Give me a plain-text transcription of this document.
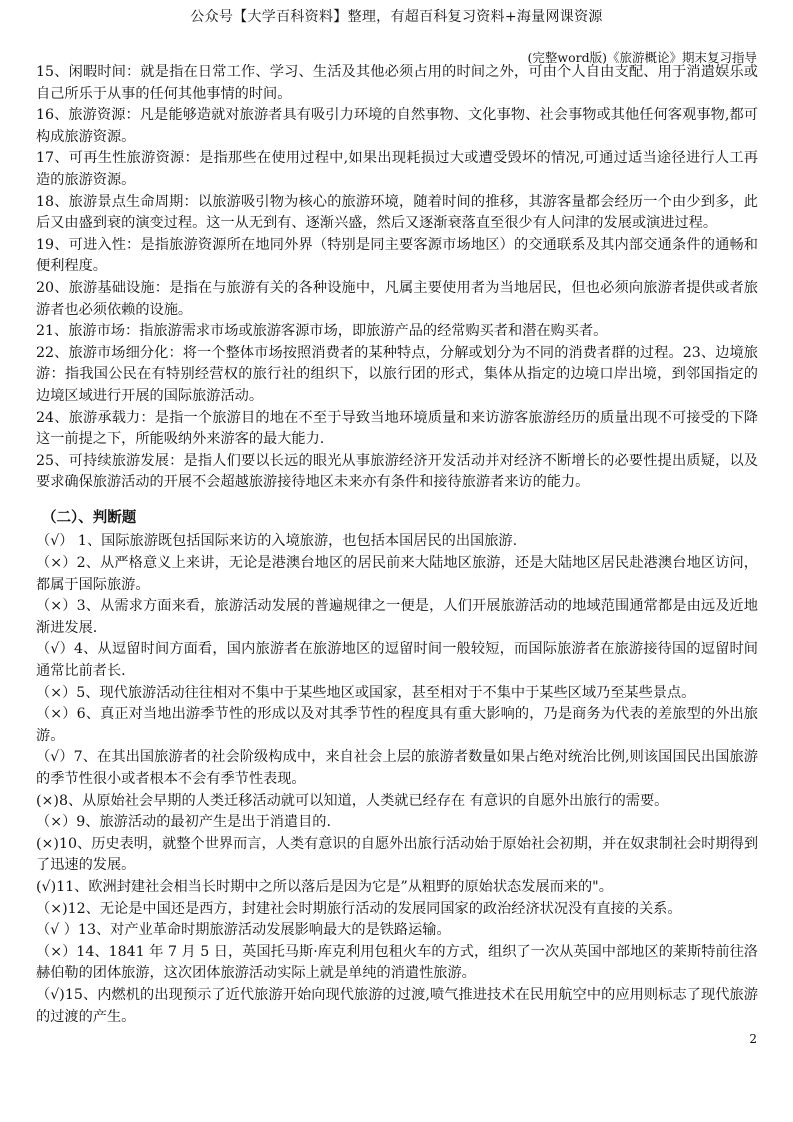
公众号【大学百科资料】整理，有超百科复习资料+海量网课资源
(完整word版)《旅游概论》期末复习指导

15、闲暇时间：就是指在日常工作、学习、生活及其他必须占用的时间之外，可由个人自由支配、用于消遣娱乐或自己所乐于从事的任何其他事情的时间。

16、旅游资源：凡是能够造就对旅游者具有吸引力环境的自然事物、文化事物、社会事物或其他任何客观事物,都可构成旅游资源。

17、可再生性旅游资源：是指那些在使用过程中,如果出现耗损过大或遭受毁坏的情况,可通过适当途径进行人工再造的旅游资源。

18、旅游景点生命周期：以旅游吸引物为核心的旅游环境，随着时间的推移，其游客量都会经历一个由少到多，此后又由盛到衰的演变过程。这一从无到有、逐渐兴盛，然后又逐渐衰落直至很少有人问津的发展或演进过程。

19、可进入性：是指旅游资源所在地同外界（特别是同主要客源市场地区）的交通联系及其内部交通条件的通畅和便利程度。

20、旅游基础设施：是指在与旅游有关的各种设施中，凡属主要使用者为当地居民，但也必须向旅游者提供或者旅游者也必须依赖的设施。

21、旅游市场：指旅游需求市场或旅游客源市场，即旅游产品的经常购买者和潜在购买者。

22、旅游市场细分化：将一个整体市场按照消费者的某种特点，分解或划分为不同的消费者群的过程。23、边境旅游：指我国公民在有特别经营权的旅行社的组织下，以旅行团的形式，集体从指定的边境口岸出境，到邻国指定的边境区域进行开展的国际旅游活动。

24、旅游承载力：是指一个旅游目的地在不至于导致当地环境质量和来访游客旅游经历的质量出现不可接受的下降这一前提之下，所能吸纳外来游客的最大能力.

25、可持续旅游发展：是指人们要以长远的眼光从事旅游经济开发活动并对经济不断增长的必要性提出质疑，以及要求确保旅游活动的开展不会超越旅游接待地区未来亦有条件和接待旅游者来访的能力。

（二）、判断题

（√） 1、国际旅游既包括国际来访的入境旅游，也包括本国居民的出国旅游.

（×）2、从严格意义上来讲，无论是港澳台地区的居民前来大陆地区旅游，还是大陆地区居民赴港澳台地区访问，都属于国际旅游。

（×）3、从需求方面来看，旅游活动发展的普遍规律之一便是，人们开展旅游活动的地域范围通常都是由远及近地渐进发展.

（√）4、从逗留时间方面看，国内旅游者在旅游地区的逗留时间一般较短，而国际旅游者在旅游接待国的逗留时间通常比前者长.

（×）5、现代旅游活动往往相对不集中于某些地区或国家，甚至相对于不集中于某些区域乃至某些景点。

（×）6、真正对当地出游季节性的形成以及对其季节性的程度具有重大影响的，乃是商务为代表的差旅型的外出旅游。

（√）7、在其出国旅游者的社会阶级构成中，来自社会上层的旅游者数量如果占绝对统治比例,则该国国民出国旅游的季节性很小或者根本不会有季节性表现。

(×)8、从原始社会早期的人类迁移活动就可以知道，人类就已经存在 有意识的自愿外出旅行的需要。

（×）9、旅游活动的最初产生是出于消遣目的.

(×)10、历史表明，就整个世界而言，人类有意识的自愿外出旅行活动始于原始社会初期，并在奴隶制社会时期得到了迅速的发展。

(√)11、欧洲封建社会相当长时期中之所以落后是因为它是”从粗野的原始状态发展而来的"。

（×)12、无论是中国还是西方，封建社会时期旅行活动的发展同国家的政治经济状况没有直接的关系。

（√ ）13、对产业革命时期旅游活动发展影响最大的是铁路运输。

（×）14、1841 年 7 月 5 日，英国托马斯·库克利用包租火车的方式，组织了一次从英国中部地区的莱斯特前往洛赫伯勒的团体旅游，这次团体旅游活动实际上就是单纯的消遣性旅游。

（√)15、内燃机的出现预示了近代旅游开始向现代旅游的过渡,喷气推进技术在民用航空中的应用则标志了现代旅游的过渡的产生。

2
